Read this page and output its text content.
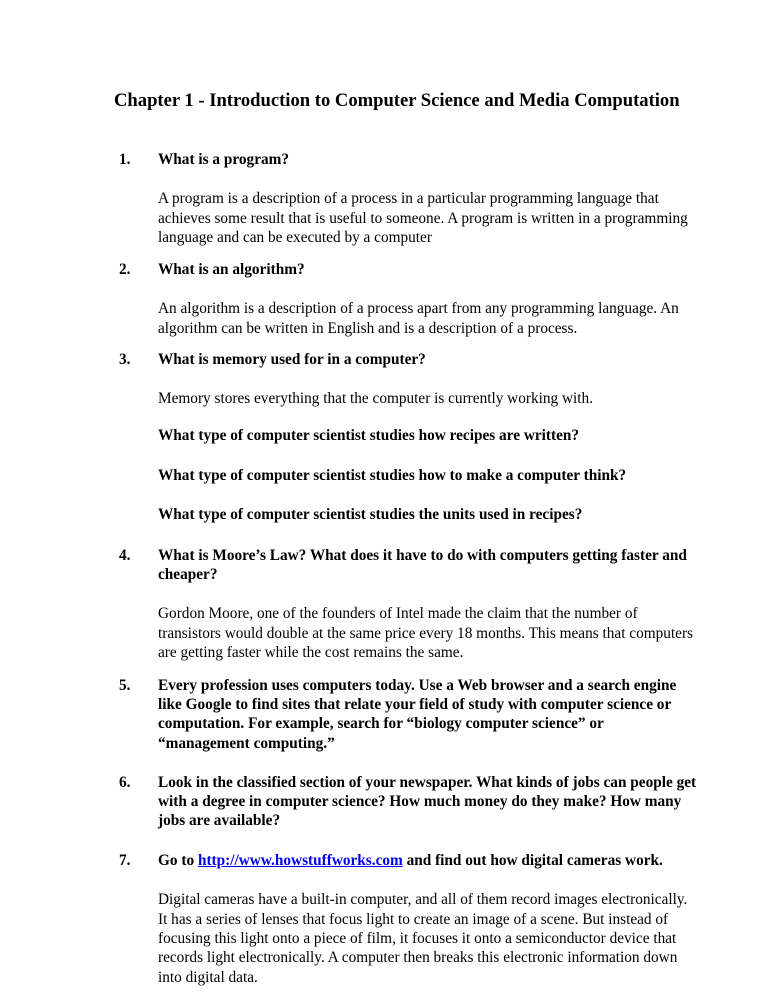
Chapter 1 - Introduction to Computer Science and Media Computation
1. What is a program?
A program is a description of a process in a particular programming language that achieves some result that is useful to someone. A program is written in a programming language and can be executed by a computer
2. What is an algorithm?
An algorithm is a description of a process apart from any programming language. An algorithm can be written in English and is a description of a process.
3. What is memory used for in a computer?
Memory stores everything that the computer is currently working with.
What type of computer scientist studies how recipes are written?
What type of computer scientist studies how to make a computer think?
What type of computer scientist studies the units used in recipes?
4. What is Moore’s Law? What does it have to do with computers getting faster and cheaper?
Gordon Moore, one of the founders of Intel made the claim that the number of transistors would double at the same price every 18 months. This means that computers are getting faster while the cost remains the same.
5. Every profession uses computers today. Use a Web browser and a search engine like Google to find sites that relate your field of study with computer science or computation. For example, search for “biology computer science” or “management computing.”
6. Look in the classified section of your newspaper. What kinds of jobs can people get with a degree in computer science? How much money do they make? How many jobs are available?
7. Go to http://www.howstuffworks.com and find out how digital cameras work.
Digital cameras have a built-in computer, and all of them record images electronically. It has a series of lenses that focus light to create an image of a scene. But instead of focusing this light onto a piece of film, it focuses it onto a semiconductor device that records light electronically. A computer then breaks this electronic information down into digital data.
